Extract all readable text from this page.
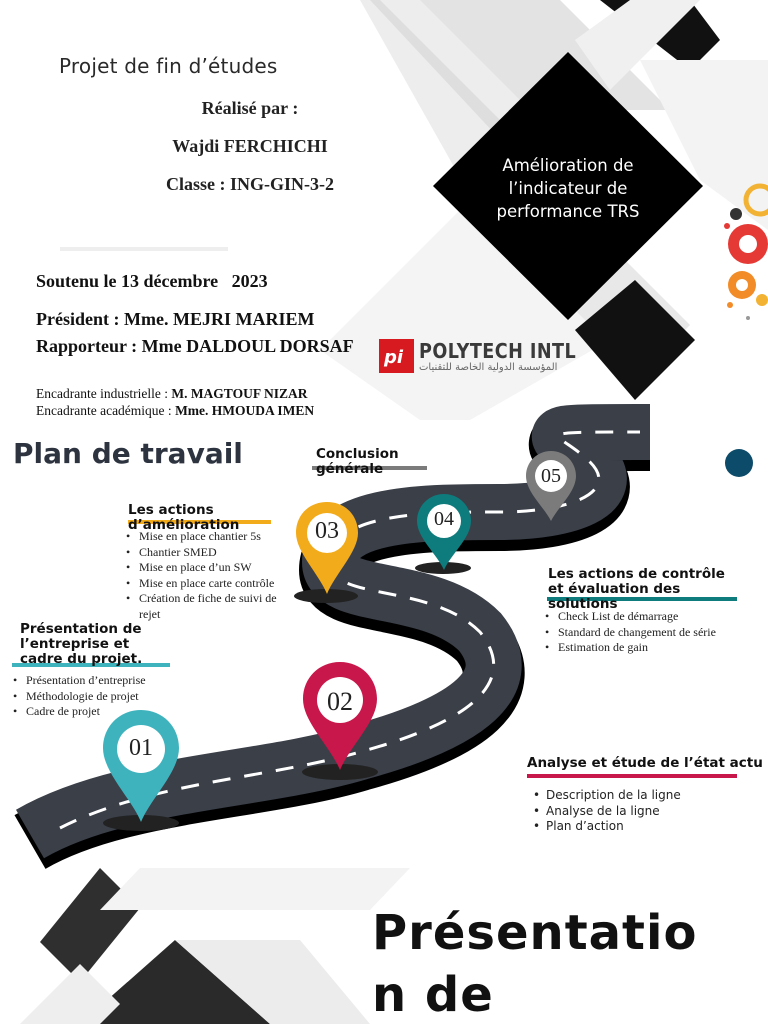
Projet de fin d’études
Réalisé par :
Wajdi FERCHICHI
Classe : ING-GIN-3-2
Soutenu le 13 décembre   2023
Président : Mme. MEJRI MARIEM
Rapporteur : Mme DALDOUL DORSAF
Encadrante industrielle : M. MAGTOUF NIZAR
Encadrante académique : Mme. HMOUDA IMEN
Amélioration de
l’indicateur de
performance TRS
pi POLYTECH INTL
المؤسسة الدولية الخاصة للتقنيات
01
02
03	04
05
Plan de travail	Conclusion
générale
Les actions
d’amélioration
• Mise en place chantier 5s
• Chantier SMED
• Mise en place d’un SW
• Mise en place carte contrôle
• Création de fiche de suivi de
rejet
Présentation de
l’entreprise et
cadre du projet.
• Présentation d’entreprise
• Méthodologie de projet
• Cadre de projet
Les actions de contrôle
et évaluation des
solutions
• Check List de démarrage
• Standard de changement de série
• Estimation de gain
Analyse et étude de l’état actu
• Description de la ligne
• Analyse de la ligne
• Plan d’action
Présentatio
n de
